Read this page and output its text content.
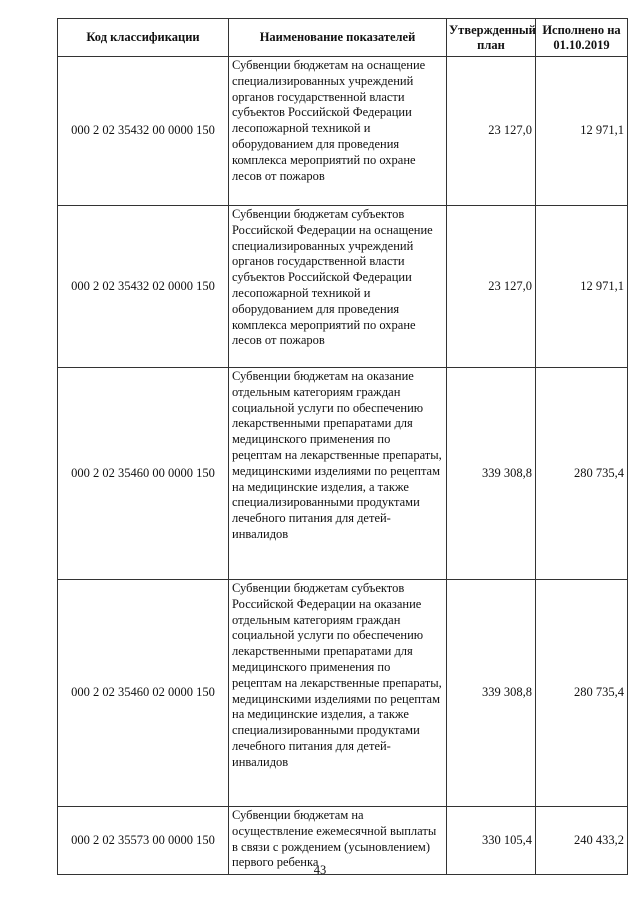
Код классификации	Наименование показателей	Утвержденный план	Исполнено на 01.10.2019
000 2 02 35432 00 0000 150	Субвенции бюджетам на оснащение специализированных учреждений органов государственной власти субъектов Российской Федерации лесопожарной техникой и оборудованием для проведения комплекса мероприятий по охране лесов от пожаров	23 127,0	12 971,1
000 2 02 35432 02 0000 150	Субвенции бюджетам субъектов Российской Федерации на оснащение специализированных учреждений органов государственной власти субъектов Российской Федерации лесопожарной техникой и оборудованием для проведения комплекса мероприятий по охране лесов от пожаров	23 127,0	12 971,1
000 2 02 35460 00 0000 150	Субвенции бюджетам на оказание отдельным категориям граждан социальной услуги по обеспечению лекарственными препаратами для медицинского применения по рецептам на лекарственные препараты, медицинскими изделиями по рецептам на медицинские изделия, а также специализированными продуктами лечебного питания для детей-инвалидов	339 308,8	280 735,4
000 2 02 35460 02 0000 150	Субвенции бюджетам субъектов Российской Федерации на оказание отдельным категориям граждан социальной услуги по обеспечению лекарственными препаратами для медицинского применения по рецептам на лекарственные препараты, медицинскими изделиями по рецептам на медицинские изделия, а также специализированными продуктами лечебного питания для детей-инвалидов	339 308,8	280 735,4
000 2 02 35573 00 0000 150	Субвенции бюджетам на осуществление ежемесячной выплаты в связи с рождением (усыновлением) первого ребенка	330 105,4	240 433,2
43
